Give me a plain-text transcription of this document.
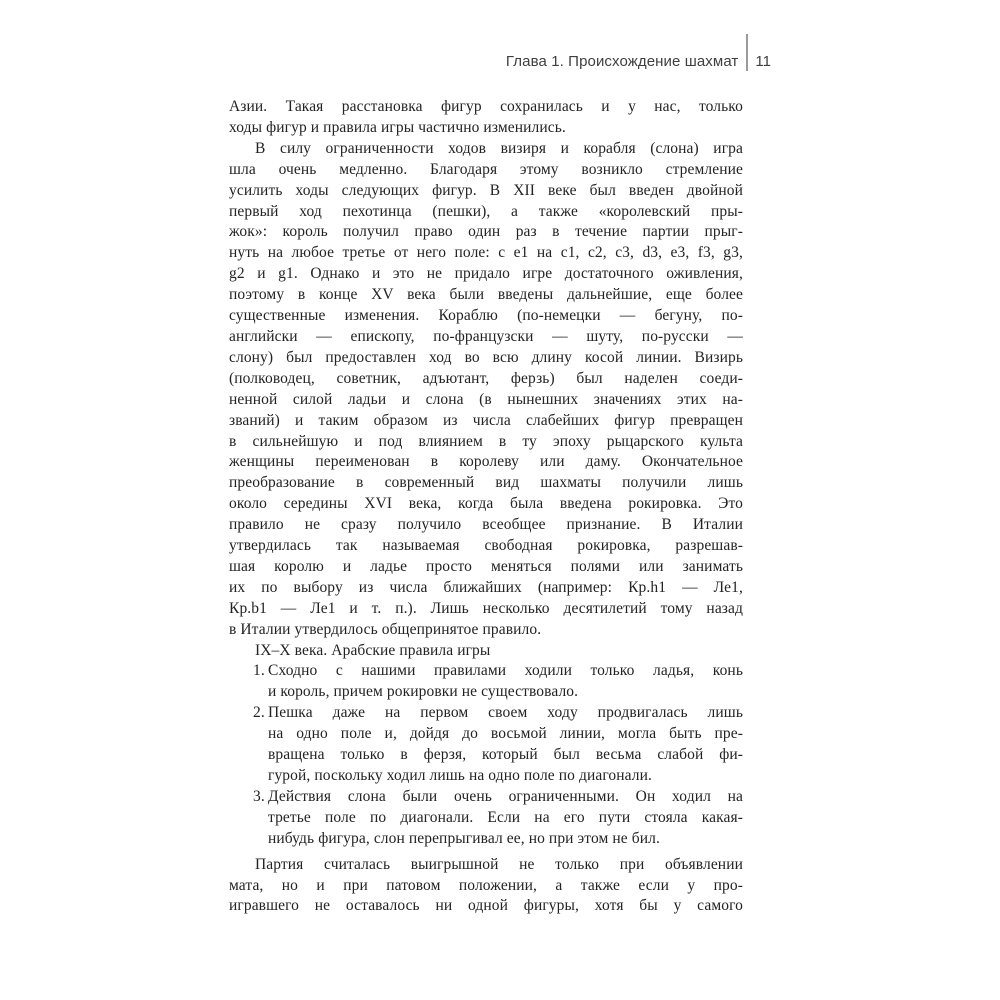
Глава 1. Происхождение шахмат 11
Азии. Такая расстановка фигур сохранилась и у нас, только
ходы фигур и правила игры частично изменились.
В силу ограниченности ходов визиря и корабля (слона) игра
шла очень медленно. Благодаря этому возникло стремление
усилить ходы следующих фигур. В XII веке был введен двойной
первый ход пехотинца (пешки), а также «королевский пры-
жок»: король получил право один раз в течение партии прыг-
нуть на любое третье от него поле: с e1 на c1, c2, c3, d3, e3, f3, g3,
g2 и g1. Однако и это не придало игре достаточного оживления,
поэтому в конце XV века были введены дальнейшие, еще более
существенные изменения. Кораблю (по-немецки — бегуну, по-
английски — епископу, по-французски — шуту, по-русски —
слону) был предоставлен ход во всю длину косой линии. Визирь
(полководец, советник, адъютант, ферзь) был наделен соеди-
ненной силой ладьи и слона (в нынешних значениях этих на-
званий) и таким образом из числа слабейших фигур превращен
в сильнейшую и под влиянием в ту эпоху рыцарского культа
женщины переименован в королеву или даму. Окончательное
преобразование в современный вид шахматы получили лишь
около середины XVI века, когда была введена рокировка. Это
правило не сразу получило всеобщее признание. В Италии
утвердилась так называемая свободная рокировка, разрешав-
шая королю и ладье просто меняться полями или занимать
их по выбору из числа ближайших (например: Кр.h1 — Ле1,
Кр.b1 — Ле1 и т. п.). Лишь несколько десятилетий тому назад
в Италии утвердилось общепринятое правило.
IX–X века. Арабские правила игры
1. Сходно с нашими правилами ходили только ладья, конь
и король, причем рокировки не существовало.
2. Пешка даже на первом своем ходу продвигалась лишь
на одно поле и, дойдя до восьмой линии, могла быть пре-
вращена только в ферзя, который был весьма слабой фи-
гурой, поскольку ходил лишь на одно поле по диагонали.
3. Действия слона были очень ограниченными. Он ходил на
третье поле по диагонали. Если на его пути стояла какая-
нибудь фигура, слон перепрыгивал ее, но при этом не бил.
Партия считалась выигрышной не только при объявлении
мата, но и при патовом положении, а также если у про-
игравшего не оставалось ни одной фигуры, хотя бы у самого
